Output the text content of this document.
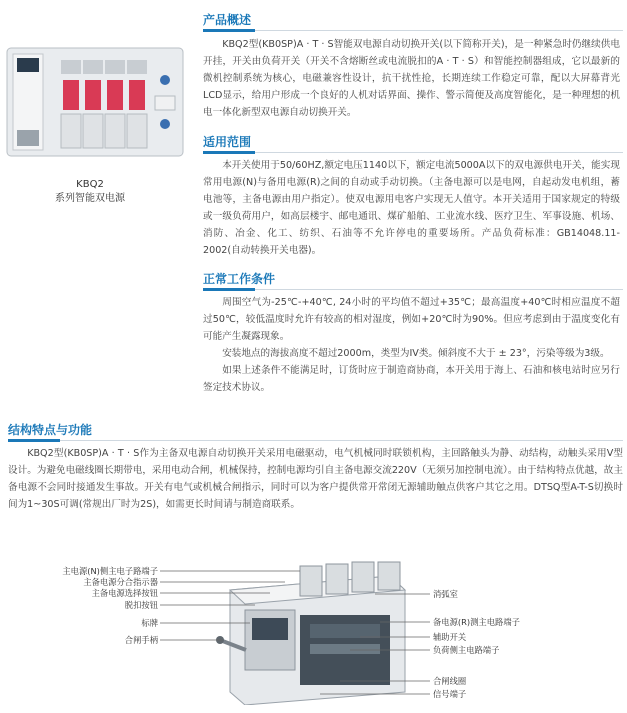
KBQ2
系列智能双电源
产品概述

KBQ2型(KB0SP)A · T · S智能双电源自动切换开关(以下简称开关)，是一种紧急时仍继续供电开挂，开关由负荷开关（开关不含熔断丝或电流脱扣的A · T · S）和智能控制器组成，它以最新的微机控制系统为核心，电磁兼容性设计，抗干扰性抢，长期连续工作稳定可靠，配以大屏幕背光LCD显示，给用户形成一个良好的人机对话界面、操作、警示简便及高度智能化，是一种理想的机电一体化新型双电源自动切换开关。

适用范围

本开关使用于50/60HZ,额定电压1140以下，额定电流5000A以下的双电源供电开关，能实现常用电源(N)与备用电源(R)之间的自动或手动切换。（主备电源可以是电网，自起动发电机组，蓄电池等，主备电源由用户指定）。使双电源用电客户实现无人值守。本开关适用于国家规定的特级或一级负荷用户，如高层楼宇、邮电通讯、煤矿船舶、工业流水线、医疗卫生、军事设施、机场、消防、冶金、化工、纺织、石油等不允许停电的重要场所。产品负荷标准：GB14048.11-2002(自动转换开关电器)。

正常工作条件

周围空气为-25℃-+40℃, 24小时的平均值不超过+35℃；最高温度+40℃时相应温度不超过50℃，较低温度时允许有较高的相对湿度，例如+20℃时为90%。但应考虑到由于温度变化有可能产生凝露现象。

安装地点的海拔高度不超过2000m，类型为IV类。倾斜度不大于 ± 23°，污染等级为3级。

如果上述条件不能满足时，订货时应于制造商协商，本开关用于海上、石油和核电站时应另行签定技术协议。

结构特点与功能

KBQ2型(KB0SP)A · T · S作为主备双电源自动切换开关采用电磁驱动，电气机械同时联锁机构，主回路触头为静、动结构，动触头采用V型设计。为避免电磁线圈长期带电，采用电动合闸，机械保持，控制电源均引自主备电源交流220V（无须另加控制电流）。由于结构特点优越，故主备电源不会同时接通发生事故。开关有电气或机械合闸指示，同时可以为客户提供常开常闭无源辅助触点供客户其它之用。DTSQ型A-T-S切换时间为1~30S可调(常规出厂时为2S)，如需更长时间请与制造商联系。

主电源(N)侧主电子路端子
主备电源分合指示器
主备电源选择按钮
脱扣按钮
标牌
合闸手柄
消弧室
备电源(R)测主电路端子
辅助开关
负荷侧主电路端子
合闸线圈
信号端子
